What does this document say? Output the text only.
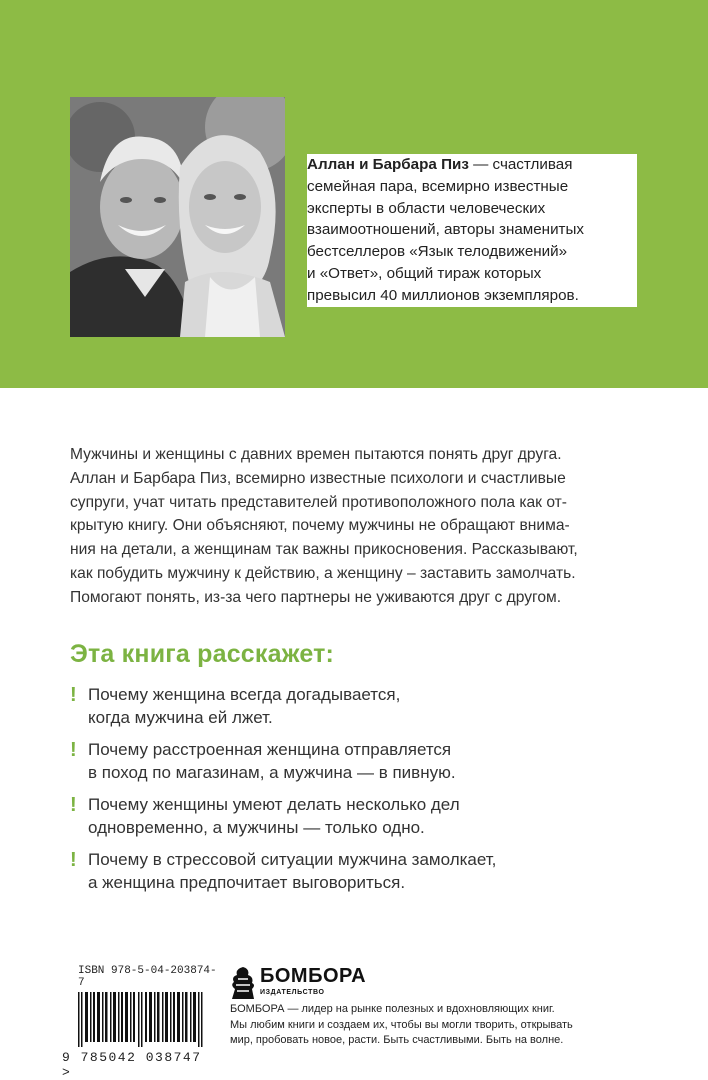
Аллан и Барбара Пиз — счастливая
семейная пара, всемирно известные
эксперты в области человеческих
взаимоотношений, авторы знаменитых
бестселлеров «Язык телодвижений»
и «Ответ», общий тираж которых
превысил 40 миллионов экземпляров.
Мужчины и женщины с давних времен пытаются понять друг друга.
Аллан и Барбара Пиз, всемирно известные психологи и счастливые
супруги, учат читать представителей противоположного пола как от-
крытую книгу. Они объясняют, почему мужчины не обращают внима-
ния на детали, а женщинам так важны прикосновения. Рассказывают,
как побудить мужчину к действию, а женщину – заставить замолчать.
Помогают понять, из-за чего партнеры не уживаются друг с другом.
Эта книга расскажет:
! Почему женщина всегда догадывается,
когда мужчина ей лжет.
! Почему расстроенная женщина отправляется
в поход по магазинам, а мужчина — в пивную.
! Почему женщины умеют делать несколько дел
одновременно, а мужчины — только одно.
! Почему в стрессовой ситуации мужчина замолкает,
а женщина предпочитает выговориться.
ISBN 978-5-04-203874-7
9 785042 038747 >
БОМБОРА
ИЗДАТЕЛЬСТВО
БОМБОРА — лидер на рынке полезных и вдохновляющих книг.
Мы любим книги и создаем их, чтобы вы могли творить, открывать
мир, пробовать новое, расти. Быть счастливыми. Быть на волне.
